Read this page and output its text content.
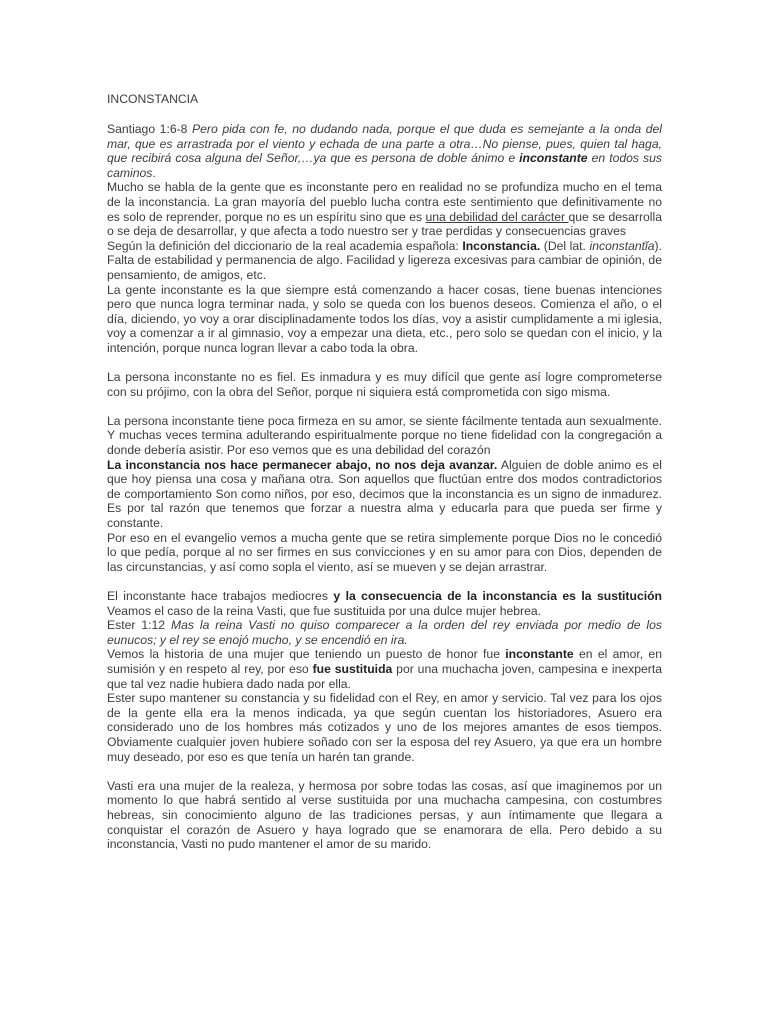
INCONSTANCIA

Santiago 1:6-8 Pero pida con fe, no dudando nada, porque el que duda es semejante a la onda del mar, que es arrastrada por el viento y echada de una parte a otra…No piense, pues, quien tal haga, que recibirá cosa alguna del Señor,…ya que es persona de doble ánimo e inconstante en todos sus caminos.

Mucho se habla de la gente que es inconstante pero en realidad no se profundiza mucho en el tema de la inconstancia. La gran mayoría del pueblo lucha contra este sentimiento que definitivamente no es solo de reprender, porque no es un espíritu sino que es una debilidad del carácter que se desarrolla o se deja de desarrollar, y que afecta a todo nuestro ser y trae perdidas y consecuencias graves

Según la definición del diccionario de la real academia española: Inconstancia. (Del lat. inconstantĭa). Falta de estabilidad y permanencia de algo. Facilidad y ligereza excesivas para cambiar de opinión, de pensamiento, de amigos, etc.

La gente inconstante es la que siempre está comenzando a hacer cosas, tiene buenas intenciones pero que nunca logra terminar nada, y solo se queda con los buenos deseos. Comienza el año, o el día, diciendo, yo voy a orar disciplinadamente todos los días, voy a asistir cumplidamente a mi iglesia, voy a comenzar a ir al gimnasio, voy a empezar una dieta, etc., pero solo se quedan con el inicio, y la intención, porque nunca logran llevar a cabo toda la obra.

La persona inconstante no es fiel. Es inmadura y es muy difícil que gente así logre comprometerse con su prójimo, con la obra del Señor, porque ni siquiera está comprometida con sigo misma.

La persona inconstante tiene poca firmeza en su amor, se siente fácilmente tentada aun sexualmente. Y muchas veces termina adulterando espiritualmente porque no tiene fidelidad con la congregación a donde debería asistir. Por eso vemos que es una debilidad del corazón

La inconstancia nos hace permanecer abajo, no nos deja avanzar. Alguien de doble animo es el que hoy piensa una cosa y mañana otra. Son aquellos que fluctúan entre dos modos contradictorios de comportamiento Son como niños, por eso, decimos que la inconstancia es un signo de inmadurez. Es por tal razón que tenemos que forzar a nuestra alma y educarla para que pueda ser firme y constante.

Por eso en el evangelio vemos a mucha gente que se retira simplemente porque Dios no le concedió lo que pedía, porque al no ser firmes en sus convicciones y en su amor para con Dios, dependen de las circunstancias, y así como sopla el viento, así se mueven y se dejan arrastrar.

El inconstante hace trabajos mediocres y la consecuencia de la inconstancia es la sustitución Veamos el caso de la reina Vasti, que fue sustituida por una dulce mujer hebrea.

Ester 1:12 Mas la reina Vasti no quiso comparecer a la orden del rey enviada por medio de los eunucos; y el rey se enojó mucho, y se encendió en ira.

Vemos la historia de una mujer que teniendo un puesto de honor fue inconstante en el amor, en sumisión y en respeto al rey, por eso fue sustituida por una muchacha joven, campesina e inexperta que tal vez nadie hubiera dado nada por ella.

Ester supo mantener su constancia y su fidelidad con el Rey, en amor y servicio. Tal vez para los ojos de la gente ella era la menos indicada, ya que según cuentan los historiadores, Asuero era considerado uno de los hombres más cotizados y uno de los mejores amantes de esos tiempos. Obviamente cualquier joven hubiere soñado con ser la esposa del rey Asuero, ya que era un hombre muy deseado, por eso es que tenía un harén tan grande.

Vasti era una mujer de la realeza, y hermosa por sobre todas las cosas, así que imaginemos por un momento lo que habrá sentido al verse sustituida por una muchacha campesina, con costumbres hebreas, sin conocimiento alguno de las tradiciones persas, y aun íntimamente que llegara a conquistar el corazón de Asuero y haya logrado que se enamorara de ella. Pero debido a su inconstancia, Vasti no pudo mantener el amor de su marido.
